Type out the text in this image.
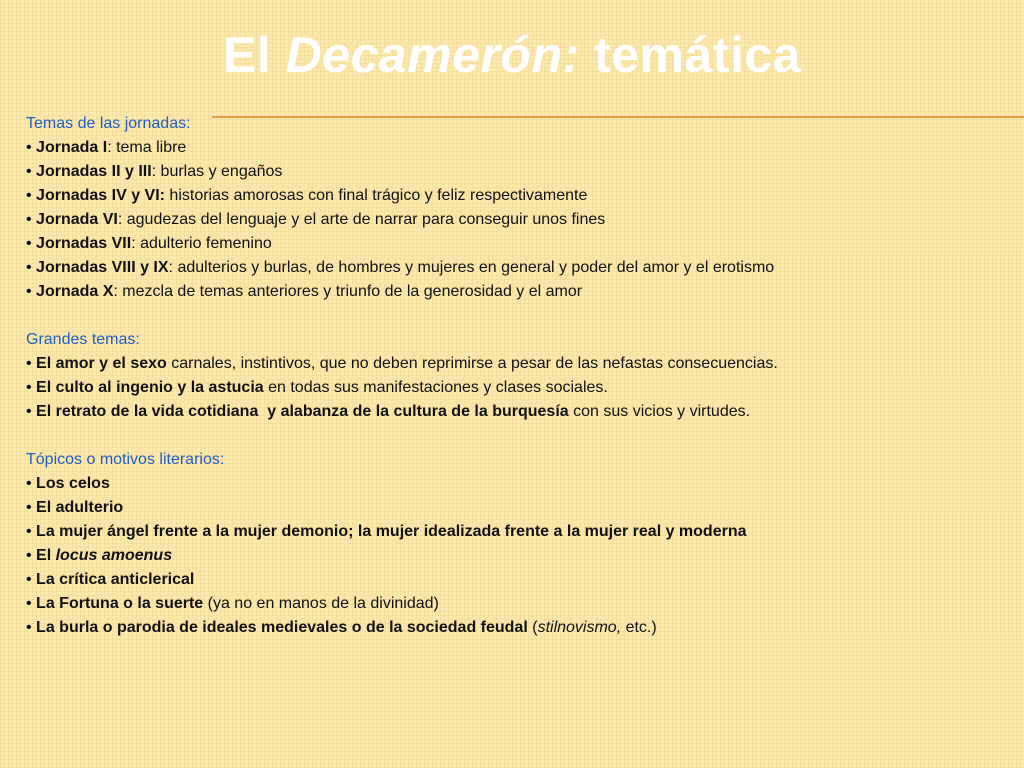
El Decamerón: temática
Temas de las jornadas:
• Jornada I: tema libre
• Jornadas II y III: burlas y engaños
• Jornadas IV y VI: historias amorosas con final trágico y feliz respectivamente
• Jornada VI: agudezas del lenguaje y el arte de narrar para conseguir unos fines
• Jornadas VII: adulterio femenino
• Jornadas VIII y IX: adulterios y burlas, de hombres y mujeres en general y poder del amor y el erotismo
• Jornada X: mezcla de temas anteriores y triunfo de la generosidad y el amor
Grandes temas:
• El amor y el sexo carnales, instintivos, que no deben reprimirse a pesar de las nefastas consecuencias.
• El culto al ingenio y la astucia en todas sus manifestaciones y clases sociales.
• El retrato de la vida cotidiana  y alabanza de la cultura de la burquesía con sus vicios y virtudes.
Tópicos o motivos literarios:
• Los celos
• El adulterio
• La mujer ángel frente a la mujer demonio; la mujer idealizada frente a la mujer real y moderna
• El locus amoenus
• La crítica anticlerical
• La Fortuna o la suerte (ya no en manos de la divinidad)
• La burla o parodia de ideales medievales o de la sociedad feudal (stilnovismo, etc.)
